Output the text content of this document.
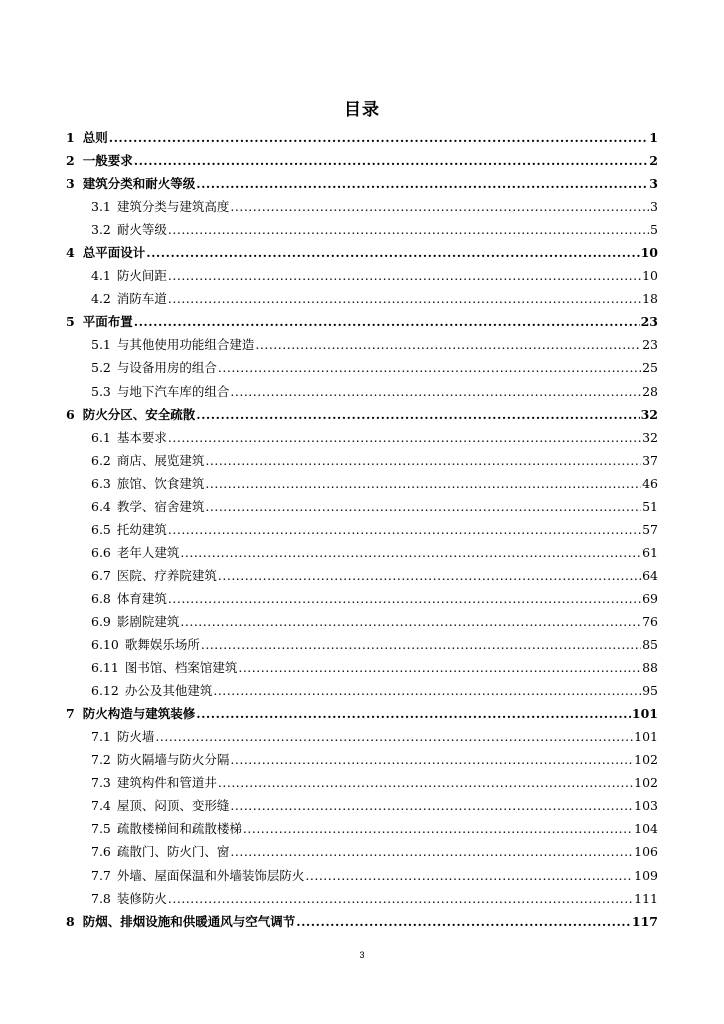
目录
1 总则 .....	1
2 一般要求 .....	2
3 建筑分类和耐火等级 .....	3
3.1 建筑分类与建筑高度 .....	3
3.2 耐火等级 .....	5
4 总平面设计 .....	10
4.1 防火间距 .....	10
4.2 消防车道 .....	18
5 平面布置 .....	23
5.1 与其他使用功能组合建造 .....	23
5.2 与设备用房的组合 .....	25
5.3 与地下汽车库的组合 .....	28
6 防火分区、安全疏散 .....	32
6.1 基本要求 .....	32
6.2 商店、展览建筑 .....	37
6.3 旅馆、饮食建筑 .....	46
6.4 教学、宿舍建筑 .....	51
6.5 托幼建筑 .....	57
6.6 老年人建筑 .....	61
6.7 医院、疗养院建筑 .....	64
6.8 体育建筑 .....	69
6.9 影剧院建筑 .....	76
6.10 歌舞娱乐场所 .....	85
6.11 图书馆、档案馆建筑 .....	88
6.12 办公及其他建筑 .....	95
7 防火构造与建筑装修 .....	101
7.1 防火墙 .....	101
7.2 防火隔墙与防火分隔 .....	102
7.3 建筑构件和管道井 .....	102
7.4 屋顶、闷顶、变形缝 .....	103
7.5 疏散楼梯间和疏散楼梯 .....	104
7.6 疏散门、防火门、窗 .....	106
7.7 外墙、屋面保温和外墙装饰层防火 .....	109
7.8 装修防火 .....	111
8 防烟、排烟设施和供暖通风与空气调节 .....	117
3
